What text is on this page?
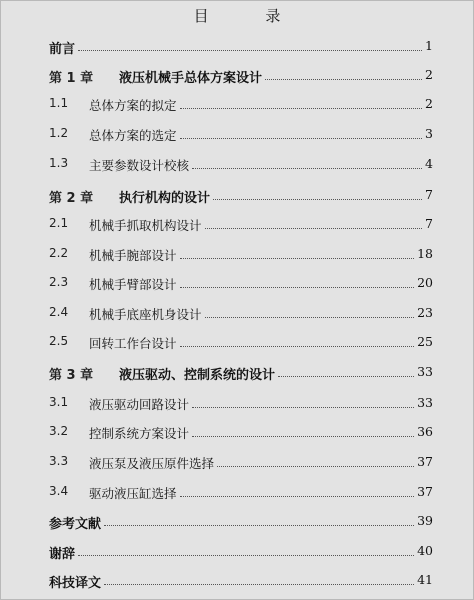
目 录
前言	1
第 1 章 液压机械手总体方案设计	2
1.1 总体方案的拟定	2
1.2 总体方案的选定	3
1.3 主要参数设计校核	4
第 2 章 执行机构的设计	7
2.1 机械手抓取机构设计	7
2.2 机械手腕部设计	18
2.3 机械手臂部设计	20
2.4 机械手底座机身设计	23
2.5 回转工作台设计	25
第 3 章 液压驱动、控制系统的设计	33
3.1 液压驱动回路设计	33
3.2 控制系统方案设计	36
3.3 液压泵及液压原件选择	37
3.4 驱动液压缸选择	37
参考文献	39
谢辞	40
科技译文	41
